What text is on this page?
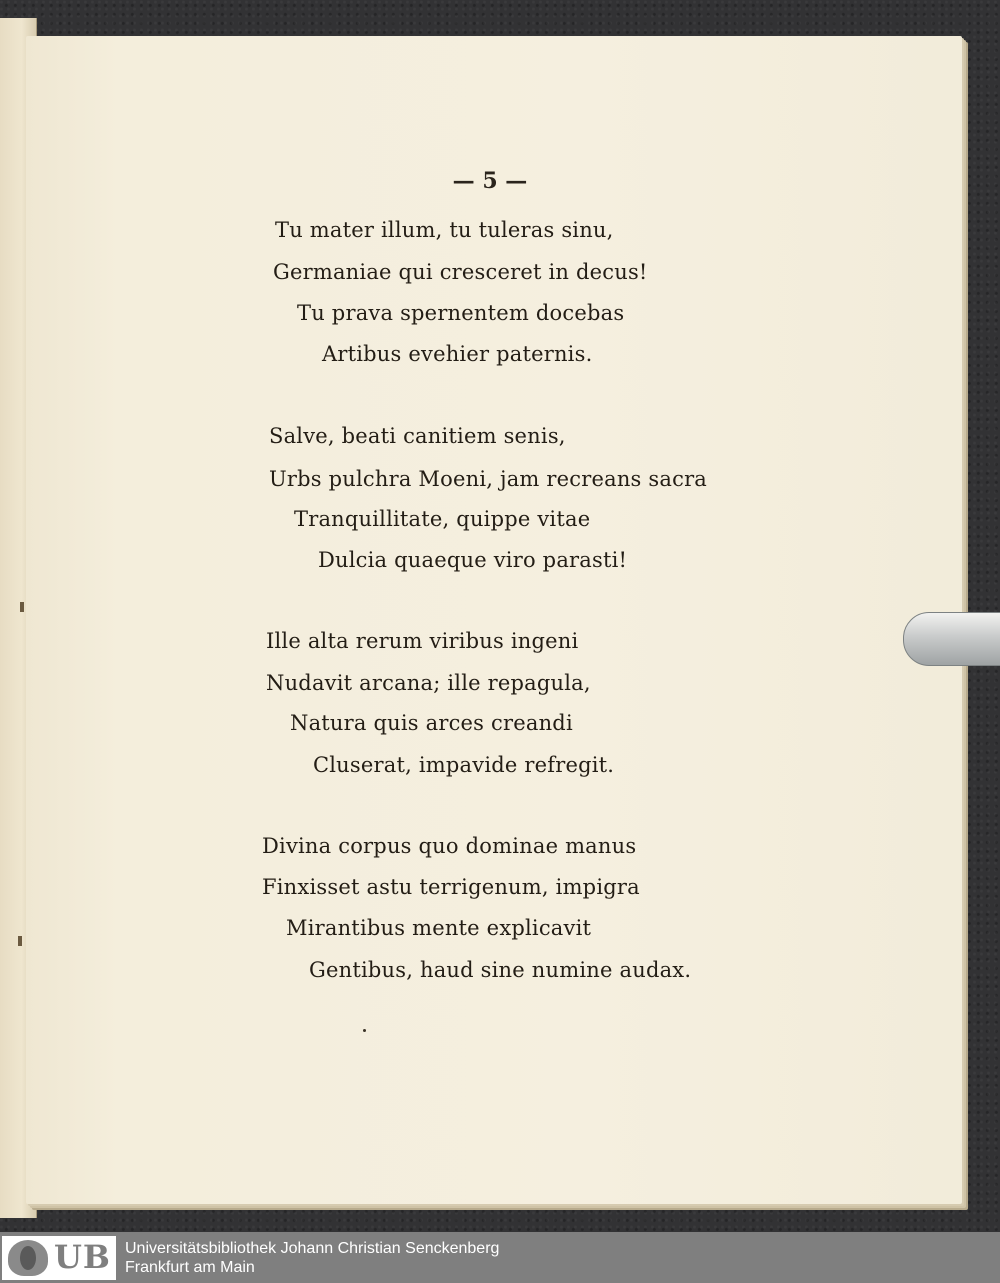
— 5 —
Tu mater illum, tu tuleras sinu,
Germaniae qui cresceret in decus!
Tu prava spernentem docebas
Artibus evehier paternis.
Salve, beati canitiem senis,
Urbs pulchra Moeni, jam recreans sacra
Tranquillitate, quippe vitae
Dulcia quaeque viro parasti!
Ille alta rerum viribus ingeni
Nudavit arcana; ille repagula,
Natura quis arces creandi
Cluserat, impavide refregit.
Divina corpus quo dominae manus
Finxisset astu terrigenum, impigra
Mirantibus mente explicavit
Gentibus, haud sine numine audax.
UB Universitätsbibliothek Johann Christian Senckenberg
Frankfurt am Main
